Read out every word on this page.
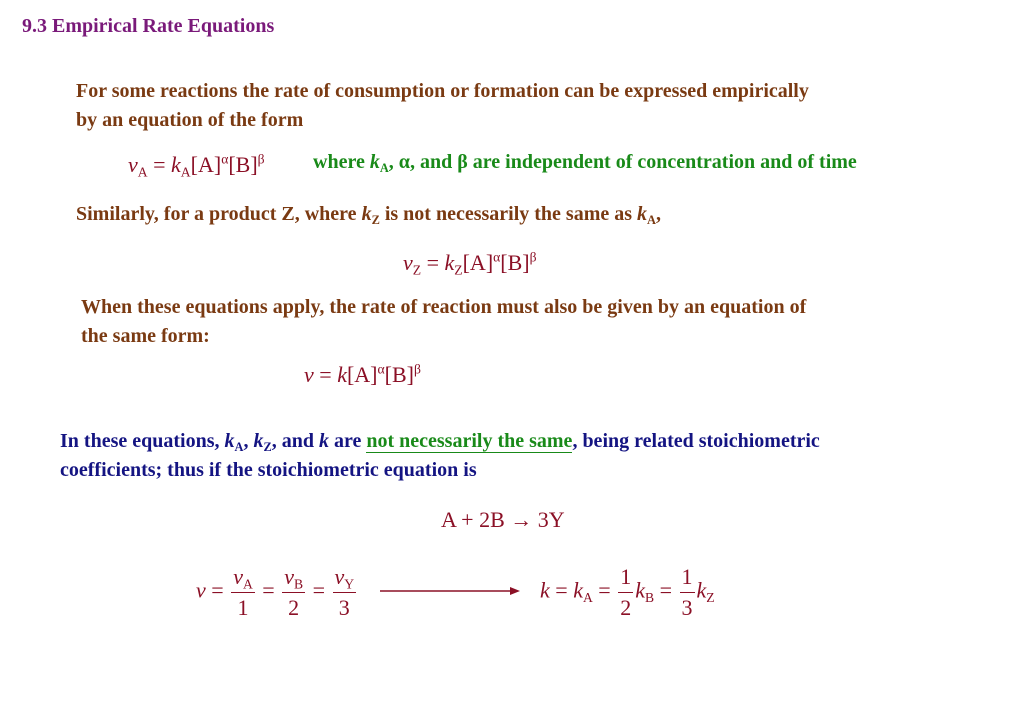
9.3 Empirical Rate Equations
For some reactions the rate of consumption or formation can be expressed empirically
by an equation of the form
$v_A = k_A[A]^\alpha[B]^\beta$ where $k_A$, α, and β are independent of concentration and of time
Similarly, for a product Z, where $k_Z$ is not necessarily the same as $k_A$,
$v_Z = k_Z[A]^\alpha[B]^\beta$
When these equations apply, the rate of reaction must also be given by an equation of
the same form:
$v = k[A]^\alpha[B]^\beta$
In these equations, $k_A$, $k_Z$, and k are not necessarily the same, being related stoichiometric
coefficients; thus if the stoichiometric equation is
A + 2B → 3Y
$v = \frac{v_A}{1} = \frac{v_B}{2} = \frac{v_Y}{3}$	$k = k_A = \frac{1}{2} k_B = \frac{1}{3} k_Z$
